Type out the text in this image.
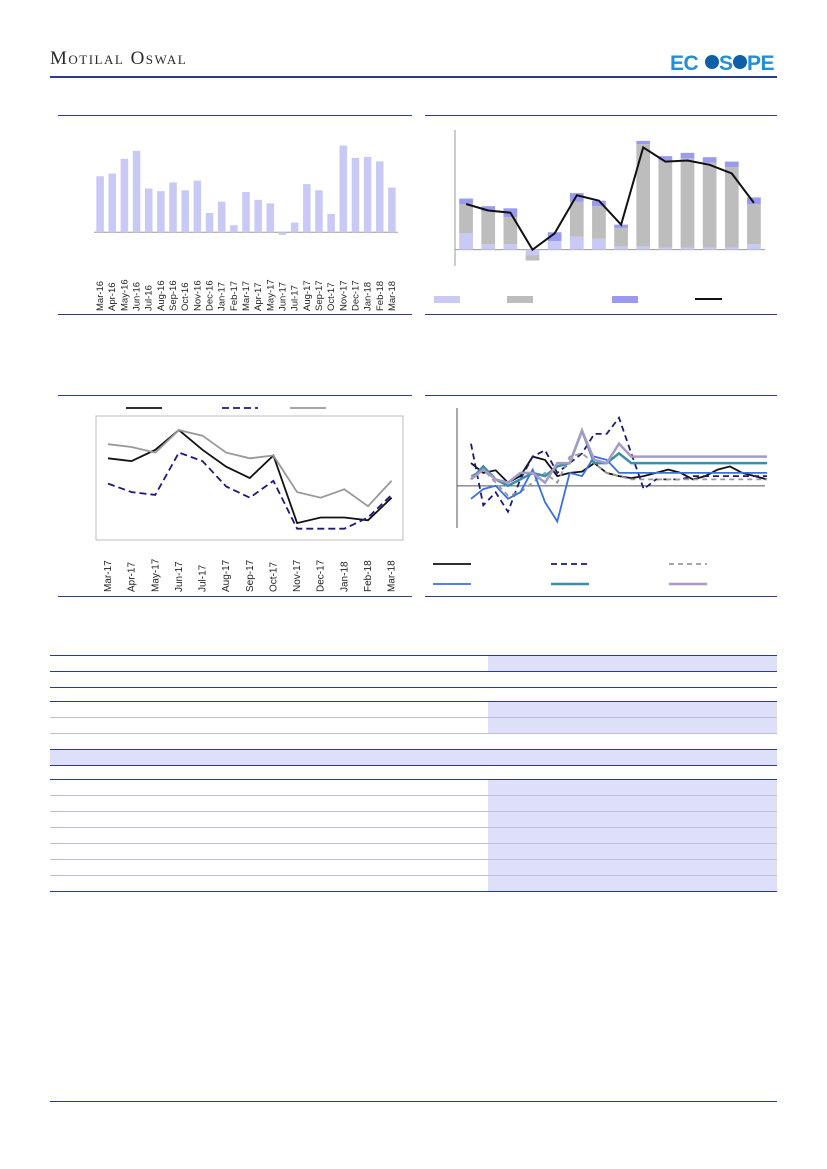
Motilal Oswal	EC S PE
Mar-16 Apr-16 May-16 Jun-16 Jul-16 Aug-16 Sep-16 Oct-16 Nov-16 Dec-16 Jan-17 Feb-17 Mar-17 Apr-17 May-17 Jun-17 Jul-17 Aug-17 Sep-17 Oct-17 Nov-17 Dec-17 Jan-18 Feb-18 Mar-18
Mar-17 Apr-17 May-17 Jun-17 Jul-17 Aug-17 Sep-17 Oct-17 Nov-17 Dec-17 Jan-18 Feb-18 Mar-18
